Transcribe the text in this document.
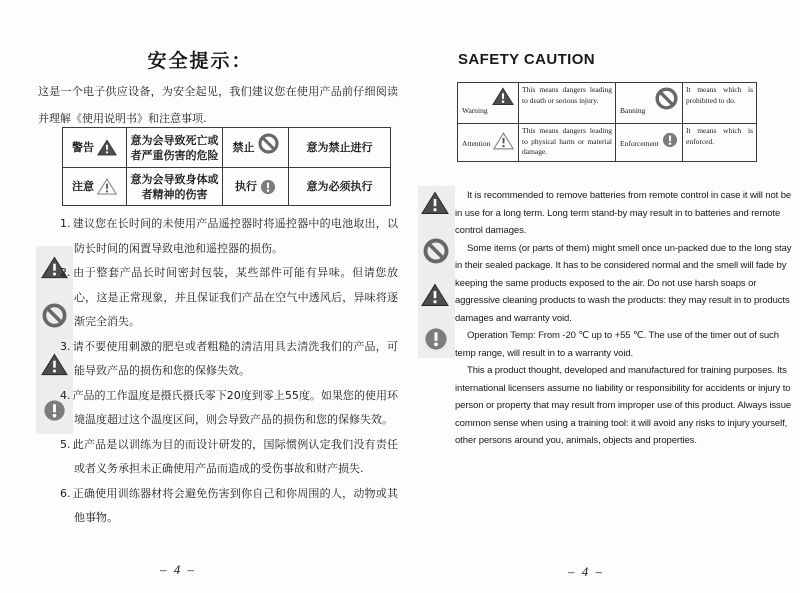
安全提示：
这是一个电子供应设备，为安全起见，我们建议您在使用产品前仔细阅读并理解《使用说明书》和注意事项.
警告	意为会导致死亡或者严重伤害的危险	禁止	意为禁止进行

注意	意为会导致身体或者精神的伤害	执行	意为必须执行
1. 建议您在长时间的未使用产品遥控器时将遥控器中的电池取出，以防长时间的闲置导致电池和遥控器的损伤。
2. 由于整套产品长时间密封包装，某些部件可能有异味。但请您放心，这是正常现象，并且保证我们产品在空气中透风后，异味将逐渐完全消失。
3. 请不要使用刺激的肥皂或者粗糙的清洁用具去清洗我们的产品，可能导致产品的损伤和您的保修失效。
4. 产品的工作温度是摄氏摄氏零下20度到零上55度。如果您的使用环境温度超过这个温度区间，则会导致产品的损伤和您的保修失效。
5. 此产品是以训练为目的而设计研发的，国际惯例认定我们没有责任或者义务承担未正确使用产品而造成的受伤事故和财产损失.
6. 正确使用训练器材将会避免伤害到你自己和你周围的人，动物或其他事物。
– 4 –
SAFETY CAUTION
Warning	This means dangers leading to death or serious injury.	Banning	It means which is prohibited to do.

Attention	This means dangers leading to physical harm or material damage.	Enforcement	It means which is enforced.

It is recommended to remove batteries from remote control in case it will not be in use for a long term. Long term stand-by may result in to batteries and remote control damages.

Some items (or parts of them) might smell once un-packed due to the long stay in their sealed package. It has to be considered normal and the smell will fade by keeping the same products exposed to the air. Do not use harsh soaps or aggressive cleaning products to wash the products: they may result in to products damages and warranty void.

Operation Temp: From -20 ℃ up to +55 ℃. The use of the timer out of such temp range, will result in to a warranty void.

This a product thought, developed and manufactured for training purposes. Its international licensers assume no liability or responsibility for accidents or injury to person or property that may result from improper use of this product. Always issue common sense when using a training tool: it will avoid any risks to injury yourself, other persons around you, animals, objects and properties.

– 4 –
